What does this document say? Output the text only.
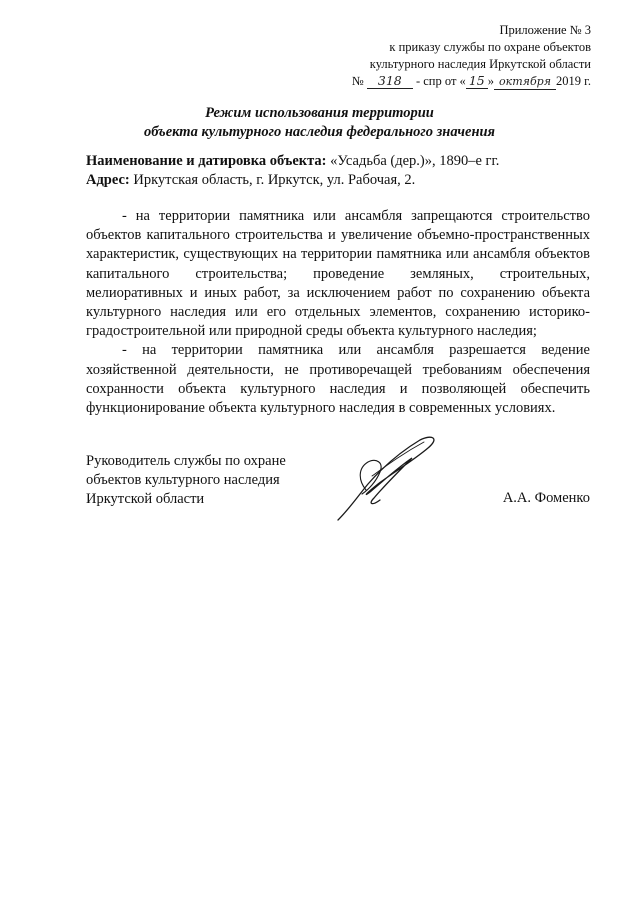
Приложение № 3
к приказу службы по охране объектов
культурного наследия Иркутской области
№ 318 - спр от « 15 » октября 2019 г.
Режим использования территории
объекта культурного наследия федерального значения
Наименование и датировка объекта: «Усадьба (дер.)», 1890–е гг.
Адрес: Иркутская область, г. Иркутск, ул. Рабочая, 2.

- на территории памятника или ансамбля запрещаются строительство объектов капитального строительства и увеличение объемно-пространственных характеристик, существующих на территории памятника или ансамбля объектов капитального строительства; проведение земляных, строительных, мелиоративных и иных работ, за исключением работ по сохранению объекта культурного наследия или его отдельных элементов, сохранению историко-градостроительной или природной среды объекта культурного наследия;

- на территории памятника или ансамбля разрешается ведение хозяйственной деятельности, не противоречащей требованиям обеспечения сохранности объекта культурного наследия и позволяющей обеспечить функционирование объекта культурного наследия в современных условиях.

Руководитель службы по охране
объектов культурного наследия
Иркутской области	А.А. Фоменко
